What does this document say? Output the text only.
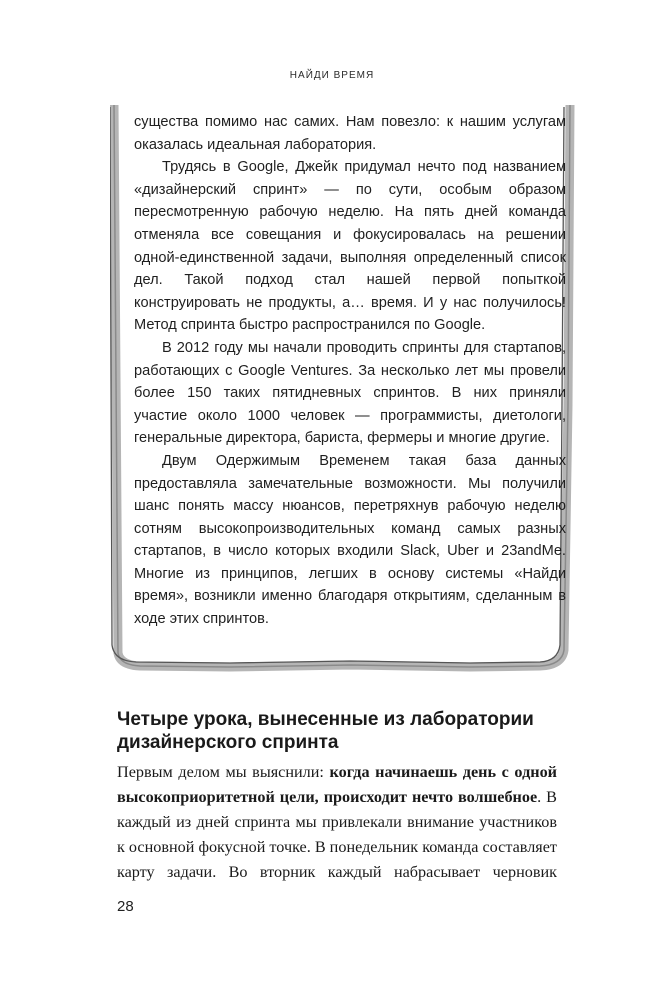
НАЙДИ ВРЕМЯ

существа помимо нас самих. Нам повезло: к нашим услугам оказалась идеальная лаборатория.

Трудясь в Google, Джейк придумал нечто под названием «дизайнерский спринт» — по сути, особым образом пересмотренную рабочую неделю. На пять дней команда отменяла все совещания и фокусировалась на решении одной-единственной задачи, выполняя определенный список дел. Такой подход стал нашей первой попыткой конструировать не продукты, а… время. И у нас получилось! Метод спринта быстро распространился по Google.

В 2012 году мы начали проводить спринты для стартапов, работающих с Google Ventures. За несколько лет мы провели более 150 таких пятидневных спринтов. В них приняли участие около 1000 человек — программисты, диетологи, генеральные директора, бариста, фермеры и многие другие.

Двум Одержимым Временем такая база данных предоставляла замечательные возможности. Мы получили шанс понять массу нюансов, перетряхнув рабочую неделю сотням высокопроизводительных команд самых разных стартапов, в число которых входили Slack, Uber и 23andMe. Многие из принципов, легших в основу системы «Найди время», возникли именно благодаря открытиям, сделанным в ходе этих спринтов.

Четыре урока, вынесенные из лаборатории дизайнерского спринта

Первым делом мы выяснили: когда начинаешь день с одной высокоприоритетной цели, происходит нечто волшебное. В каждый из дней спринта мы привлекали внимание участников к основной фокусной точке. В понедельник команда составляет карту задачи. Во вторник каждый набрасывает черновик

28
